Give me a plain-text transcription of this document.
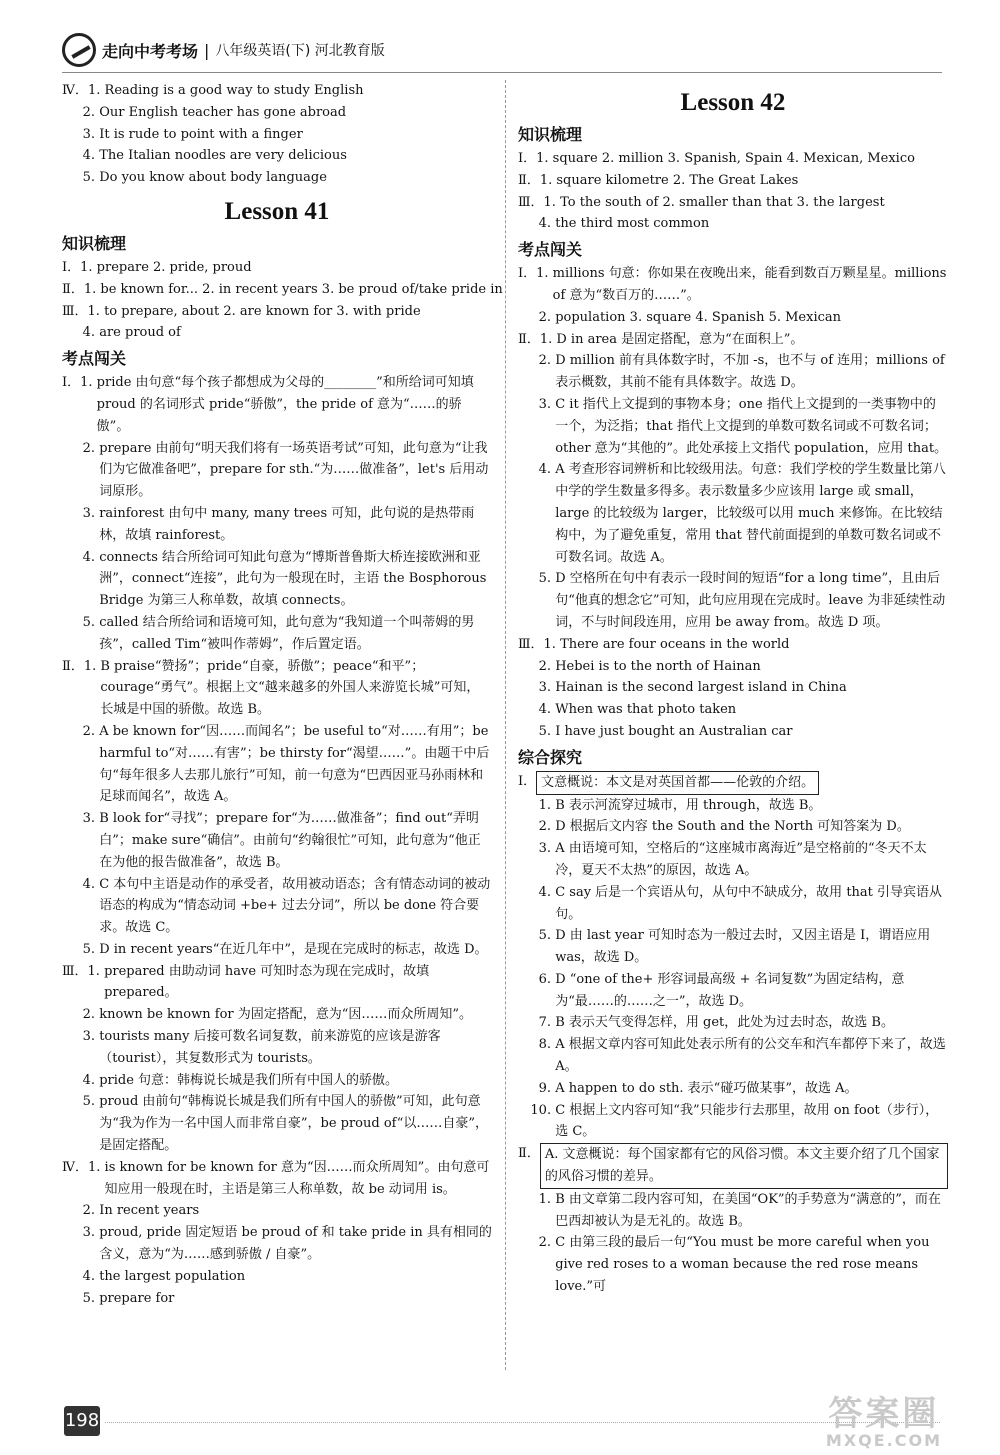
走向中考考场 | 八年级英语(下) 河北教育版
Ⅳ．1. Reading is a good way to study English
2. Our English teacher has gone abroad
3. It is rude to point with a finger
4. The Italian noodles are very delicious
5. Do you know about body language
Lesson 41
知识梳理
Ⅰ．1. prepare 2. pride, proud
Ⅱ．1. be known for... 2. in recent years 3. be proud of/take pride in
Ⅲ．1. to prepare, about 2. are known for 3. with pride
4. are proud of
考点闯关
Ⅰ．1. pride 由句意“每个孩子都想成为父母的________”和所给词可知填 proud 的名词形式 pride“骄傲”，the pride of 意为“……的骄傲”。
2. prepare 由前句“明天我们将有一场英语考试”可知，此句意为“让我们为它做准备吧”，prepare for sth.“为……做准备”，let's 后用动词原形。
3. rainforest 由句中 many, many trees 可知，此句说的是热带雨林，故填 rainforest。
4. connects 结合所给词可知此句意为“博斯普鲁斯大桥连接欧洲和亚洲”，connect“连接”，此句为一般现在时，主语 the Bosphorous Bridge 为第三人称单数，故填 connects。
5. called 结合所给词和语境可知，此句意为“我知道一个叫蒂姆的男孩”，called Tim“被叫作蒂姆”，作后置定语。
Ⅱ．1. B praise“赞扬”；pride“自豪，骄傲”；peace“和平”；courage“勇气”。根据上文“越来越多的外国人来游览长城”可知，长城是中国的骄傲。故选 B。
2. A be known for“因……而闻名”；be useful to“对……有用”；be harmful to“对……有害”；be thirsty for“渴望……”。由题干中后句“每年很多人去那儿旅行”可知，前一句意为“巴西因亚马孙雨林和足球而闻名”，故选 A。
3. B look for“寻找”；prepare for“为……做准备”；find out“弄明白”；make sure“确信”。由前句“约翰很忙”可知，此句意为“他正在为他的报告做准备”，故选 B。
4. C 本句中主语是动作的承受者，故用被动语态；含有情态动词的被动语态的构成为“情态动词 +be+ 过去分词”，所以 be done 符合要求。故选 C。
5. D in recent years“在近几年中”，是现在完成时的标志，故选 D。
Ⅲ．1. prepared 由助动词 have 可知时态为现在完成时，故填 prepared。
2. known be known for 为固定搭配，意为“因……而众所周知”。
3. tourists many 后接可数名词复数，前来游览的应该是游客（tourist），其复数形式为 tourists。
4. pride 句意：韩梅说长城是我们所有中国人的骄傲。
5. proud 由前句“韩梅说长城是我们所有中国人的骄傲”可知，此句意为“我为作为一名中国人而非常自豪”，be proud of“以……自豪”，是固定搭配。
Ⅳ．1. is known for be known for 意为“因……而众所周知”。由句意可知应用一般现在时，主语是第三人称单数，故 be 动词用 is。
2. In recent years
3. proud, pride 固定短语 be proud of 和 take pride in 具有相同的含义，意为“为……感到骄傲 / 自豪”。
4. the largest population
5. prepare for
Lesson 42
知识梳理
Ⅰ．1. square 2. million 3. Spanish, Spain 4. Mexican, Mexico
Ⅱ．1. square kilometre 2. The Great Lakes
Ⅲ．1. To the south of 2. smaller than that 3. the largest
4. the third most common
考点闯关
Ⅰ．1. millions 句意：你如果在夜晚出来，能看到数百万颗星星。millions of 意为“数百万的……”。
2. population 3. square 4. Spanish 5. Mexican
Ⅱ．1. D in area 是固定搭配，意为“在面积上”。
2. D million 前有具体数字时，不加 -s，也不与 of 连用；millions of 表示概数，其前不能有具体数字。故选 D。
3. C it 指代上文提到的事物本身；one 指代上文提到的一类事物中的一个，为泛指；that 指代上文提到的单数可数名词或不可数名词；other 意为“其他的”。此处承接上文指代 population，应用 that。
4. A 考查形容词辨析和比较级用法。句意：我们学校的学生数量比第八中学的学生数量多得多。表示数量多少应该用 large 或 small，large 的比较级为 larger，比较级可以用 much 来修饰。在比较结构中，为了避免重复，常用 that 替代前面提到的单数可数名词或不可数名词。故选 A。
5. D 空格所在句中有表示一段时间的短语“for a long time”，且由后句“他真的想念它”可知，此句应用现在完成时。leave 为非延续性动词，不与时间段连用，应用 be away from。故选 D 项。
Ⅲ．1. There are four oceans in the world
2. Hebei is to the north of Hainan
3. Hainan is the second largest island in China
4. When was that photo taken
5. I have just bought an Australian car
综合探究
Ⅰ． 文意概说：本文是对英国首都——伦敦的介绍。
1. B 表示河流穿过城市，用 through，故选 B。
2. D 根据后文内容 the South and the North 可知答案为 D。
3. A 由语境可知，空格后的“这座城市离海近”是空格前的“冬天不太冷，夏天不太热”的原因，故选 A。
4. C say 后是一个宾语从句，从句中不缺成分，故用 that 引导宾语从句。
5. D 由 last year 可知时态为一般过去时，又因主语是 I，谓语应用 was，故选 D。
6. D “one of the+ 形容词最高级 + 名词复数”为固定结构，意为“最……的……之一”，故选 D。
7. B 表示天气变得怎样，用 get，此处为过去时态，故选 B。
8. A 根据文章内容可知此处表示所有的公交车和汽车都停下来了，故选 A。
9. A happen to do sth. 表示“碰巧做某事”，故选 A。
10. C 根据上文内容可知“我”只能步行去那里，故用 on foot（步行），选 C。
Ⅱ． A. 文意概说：每个国家都有它的风俗习惯。本文主要介绍了几个国家的风俗习惯的差异。
1. B 由文章第二段内容可知，在美国“OK”的手势意为“满意的”，而在巴西却被认为是无礼的。故选 B。
2. C 由第三段的最后一句“You must be more careful when you give red roses to a woman because the red rose means love.”可
198	答案圈
MXQE.COM
